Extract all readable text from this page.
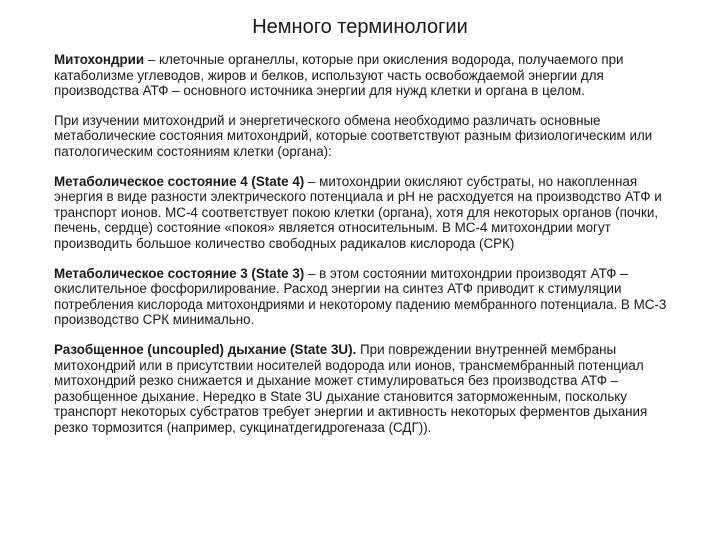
Немного терминологии

Митохондрии – клеточные органеллы, которые при окисления водорода, получаемого при катаболизме углеводов, жиров и белков, используют часть освобождаемой энергии для производства АТФ – основного источника энергии для нужд клетки и органа в целом.

При изучении митохондрий и энергетического обмена необходимо различать основные метаболические состояния митохондрий, которые соответствуют разным физиологическим или патологическим состояниям клетки (органа):

Метаболическое состояние 4 (State 4) – митохондрии окисляют субстраты, но накопленная энергия в виде разности электрического потенциала и рН не расходуется на производство АТФ и транспорт ионов. МС-4 соответствует покою клетки (органа), хотя для некоторых органов (почки, печень, сердце) состояние «покоя» является относительным. В МС-4 митохондрии могут производить большое количество свободных радикалов кислорода (СРК)

Метаболическое состояние 3 (State 3) – в этом состоянии митохондрии производят АТФ – окислительное фосфорилирование. Расход энергии на синтез АТФ приводит к стимуляции потребления кислорода митохондриями и некоторому падению мембранного потенциала. В МС-3 производство СРК минимально.

Разобщенное (uncoupled) дыхание (State 3U). При повреждении внутренней мембраны митохондрий или в присутствии носителей водорода или ионов, трансмембранный потенциал митохондрий резко снижается и дыхание может стимулироваться без производства АТФ – разобщенное дыхание. Нередко в State 3U дыхание становится заторможенным, поскольку транспорт некоторых субстратов требует энергии и активность некоторых ферментов дыхания резко тормозится (например, сукцинатдегидрогеназа (СДГ)).
